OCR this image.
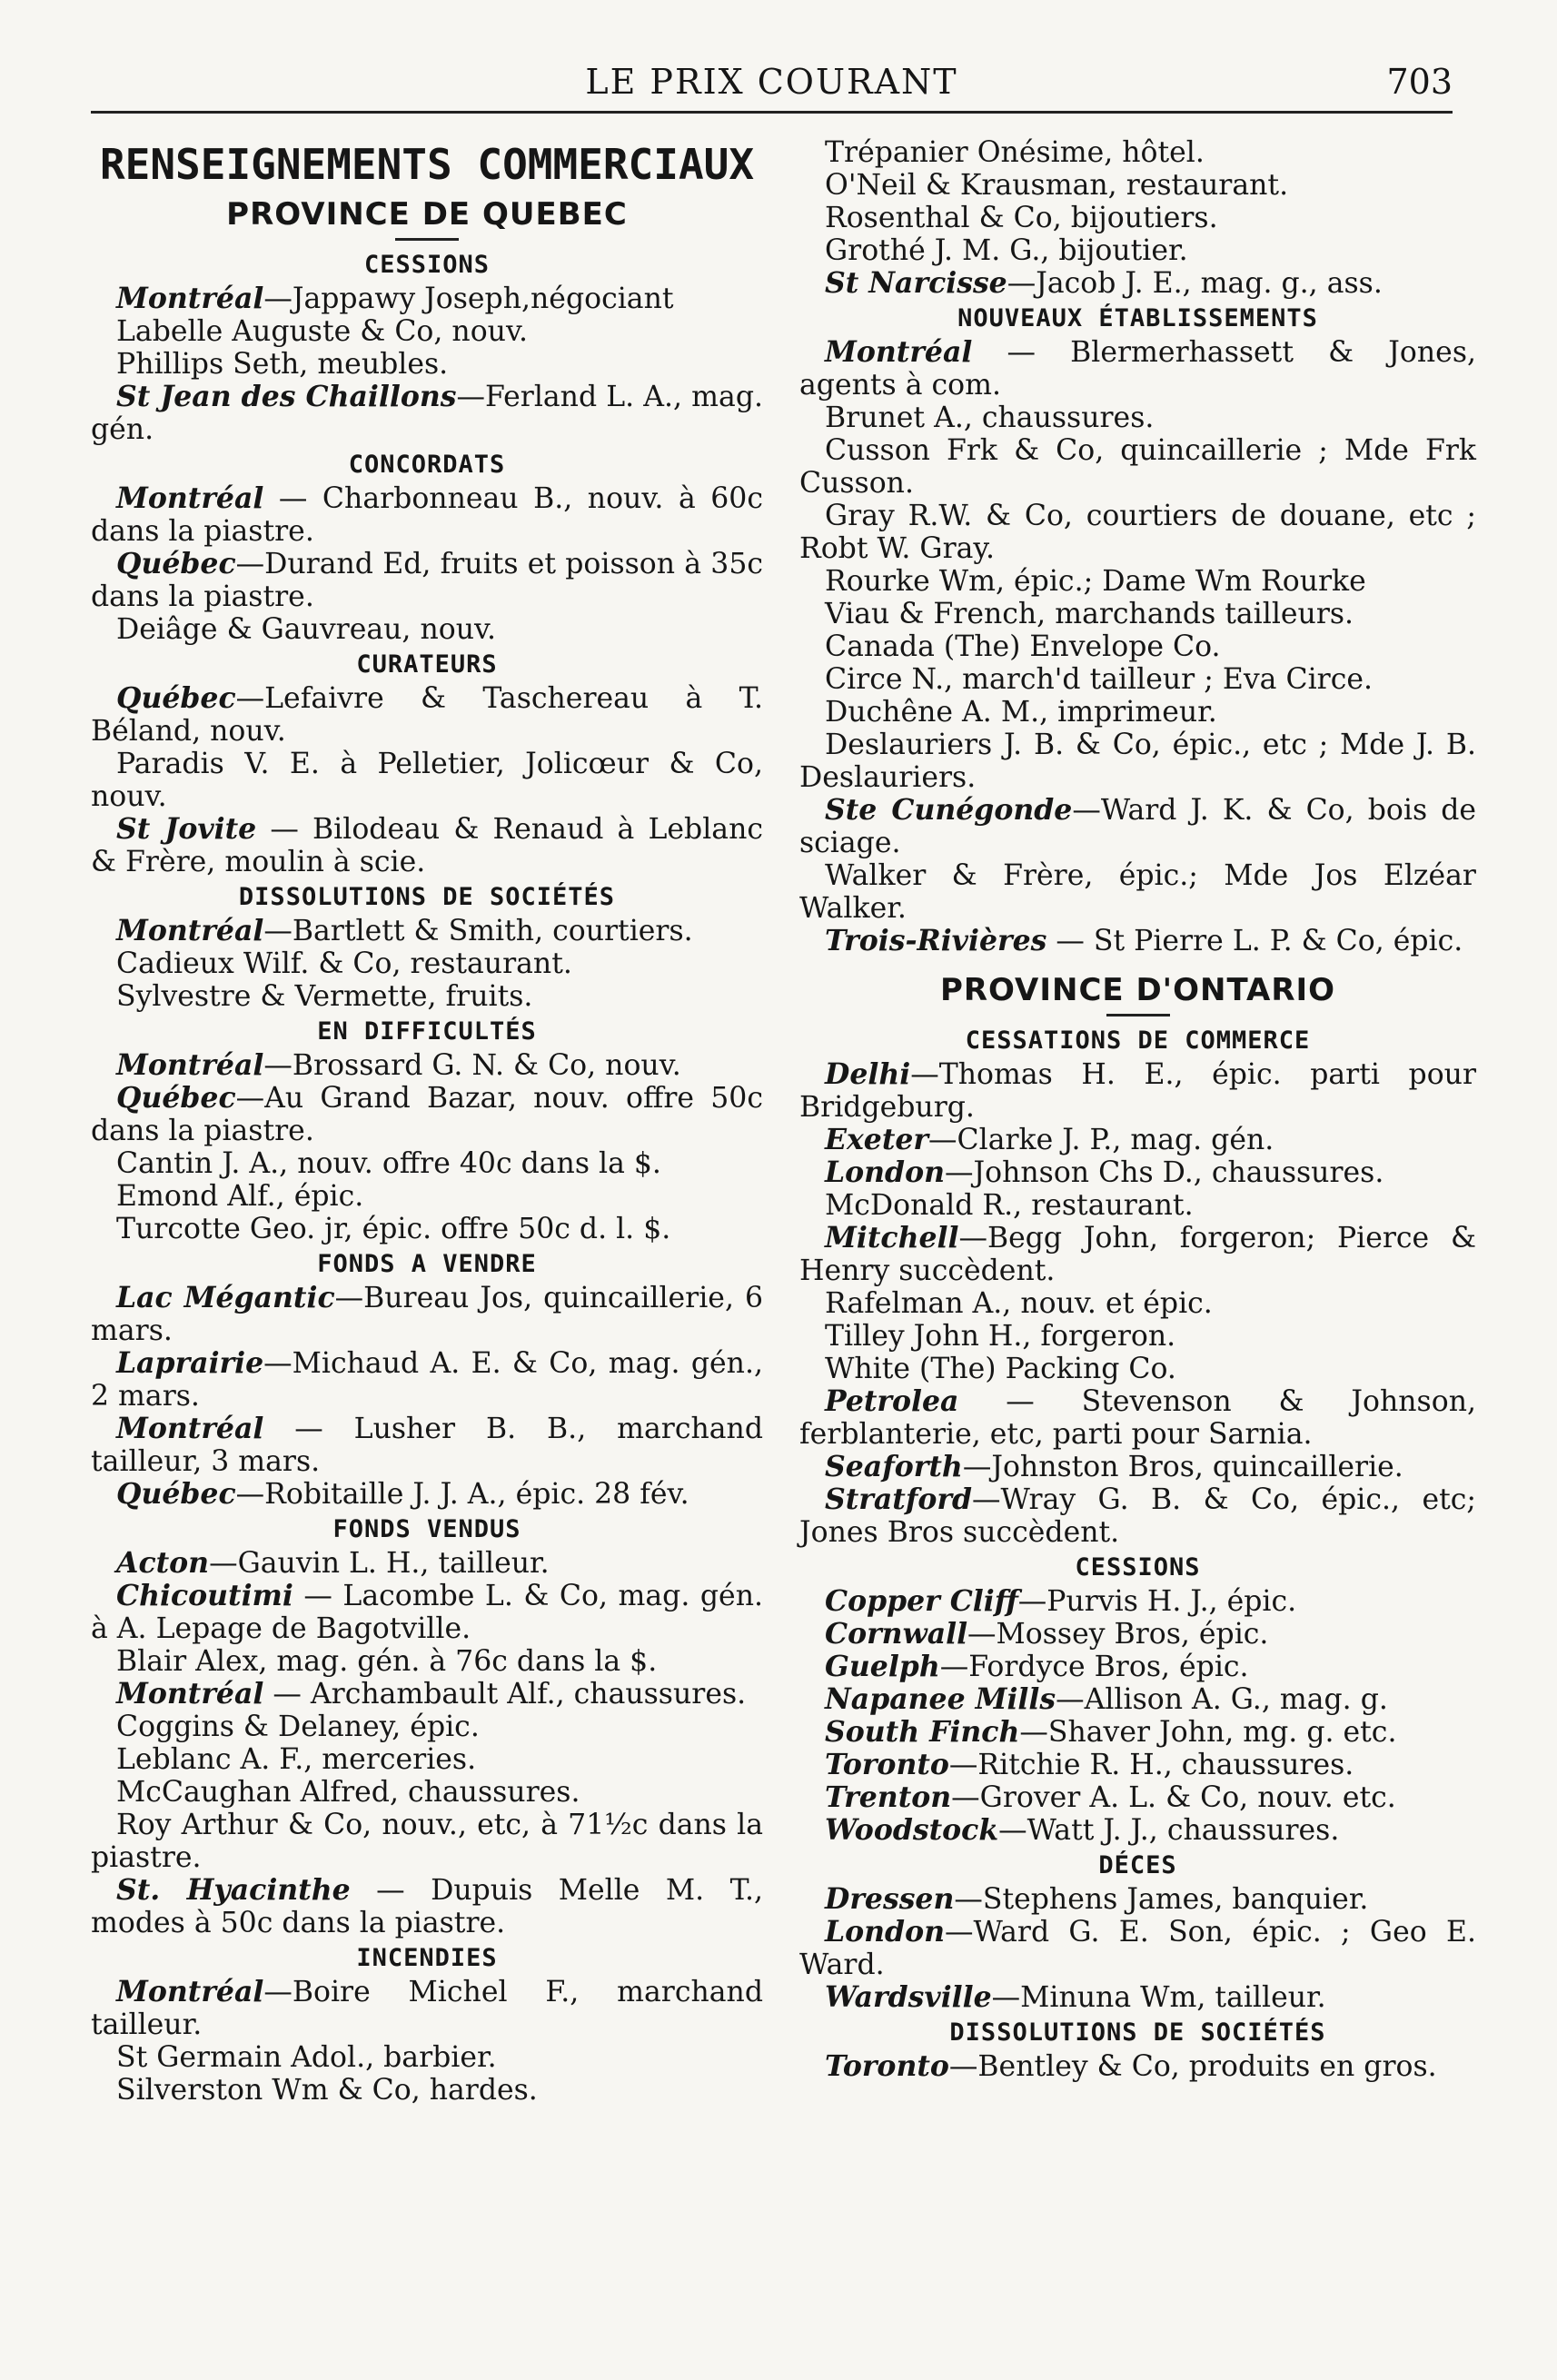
LE PRIX COURANT	703
RENSEIGNEMENTS COMMERCIAUX
PROVINCE DE QUEBEC
CESSIONS

Montréal—Jappawy Joseph,négociant

Labelle Auguste & Co, nouv.

Phillips Seth, meubles.

St Jean des Chaillons—Ferland L. A., mag. gén.

CONCORDATS

Montréal — Charbonneau B., nouv. à 60c dans la piastre.

Québec—Durand Ed, fruits et poisson à 35c dans la piastre.

Deiâge & Gauvreau, nouv.

CURATEURS

Québec—Lefaivre & Taschereau à T. Béland, nouv.

Paradis V. E. à Pelletier, Jolicœur & Co, nouv.

St Jovite — Bilodeau & Renaud à Leblanc & Frère, moulin à scie.

DISSOLUTIONS DE SOCIÉTÉS

Montréal—Bartlett & Smith, courtiers.

Cadieux Wilf. & Co, restaurant.

Sylvestre & Vermette, fruits.

EN DIFFICULTÉS

Montréal—Brossard G. N. & Co, nouv.

Québec—Au Grand Bazar, nouv. offre 50c dans la piastre.

Cantin J. A., nouv. offre 40c dans la $.

Emond Alf., épic.

Turcotte Geo. jr, épic. offre 50c d. l. $.

FONDS A VENDRE

Lac Mégantic—Bureau Jos, quincaillerie, 6 mars.

Laprairie—Michaud A. E. & Co, mag. gén., 2 mars.

Montréal — Lusher B. B., marchand tailleur, 3 mars.

Québec—Robitaille J. J. A., épic. 28 fév.

FONDS VENDUS

Acton—Gauvin L. H., tailleur.

Chicoutimi — Lacombe L. & Co, mag. gén. à A. Lepage de Bagotville.

Blair Alex, mag. gén. à 76c dans la $.

Montréal — Archambault Alf., chaussures.

Coggins & Delaney, épic.

Leblanc A. F., merceries.

McCaughan Alfred, chaussures.

Roy Arthur & Co, nouv., etc, à 71½c dans la piastre.

St. Hyacinthe — Dupuis Melle M. T., modes à 50c dans la piastre.

INCENDIES

Montréal—Boire Michel F., marchand tailleur.

St Germain Adol., barbier.

Silverston Wm & Co, hardes.

Trépanier Onésime, hôtel.

O'Neil & Krausman, restaurant.

Rosenthal & Co, bijoutiers.

Grothé J. M. G., bijoutier.

St Narcisse—Jacob J. E., mag. g., ass.

NOUVEAUX ÉTABLISSEMENTS

Montréal — Blermerhassett & Jones, agents à com.

Brunet A., chaussures.

Cusson Frk & Co, quincaillerie ; Mde Frk Cusson.

Gray R.W. & Co, courtiers de douane, etc ; Robt W. Gray.

Rourke Wm, épic.; Dame Wm Rourke

Viau & French, marchands tailleurs.

Canada (The) Envelope Co.

Circe N., march'd tailleur ; Eva Circe.

Duchêne A. M., imprimeur.

Deslauriers J. B. & Co, épic., etc ; Mde J. B. Deslauriers.

Ste Cunégonde—Ward J. K. & Co, bois de sciage.

Walker & Frère, épic.; Mde Jos Elzéar Walker.

Trois-Rivières — St Pierre L. P. & Co, épic.

PROVINCE D'ONTARIO
CESSATIONS DE COMMERCE

Delhi—Thomas H. E., épic. parti pour Bridgeburg.

Exeter—Clarke J. P., mag. gén.

London—Johnson Chs D., chaussures.

McDonald R., restaurant.

Mitchell—Begg John, forgeron; Pierce & Henry succèdent.

Rafelman A., nouv. et épic.

Tilley John H., forgeron.

White (The) Packing Co.

Petrolea — Stevenson & Johnson, ferblanterie, etc, parti pour Sarnia.

Seaforth—Johnston Bros, quincaillerie.

Stratford—Wray G. B. & Co, épic., etc; Jones Bros succèdent.

CESSIONS

Copper Cliff—Purvis H. J., épic.

Cornwall—Mossey Bros, épic.

Guelph—Fordyce Bros, épic.

Napanee Mills—Allison A. G., mag. g.

South Finch—Shaver John, mg. g. etc.

Toronto—Ritchie R. H., chaussures.

Trenton—Grover A. L. & Co, nouv. etc.

Woodstock—Watt J. J., chaussures.

DÉCES

Dressen—Stephens James, banquier.

London—Ward G. E. Son, épic. ; Geo E. Ward.

Wardsville—Minuna Wm, tailleur.

DISSOLUTIONS DE SOCIÉTÉS

Toronto—Bentley & Co, produits en gros.
